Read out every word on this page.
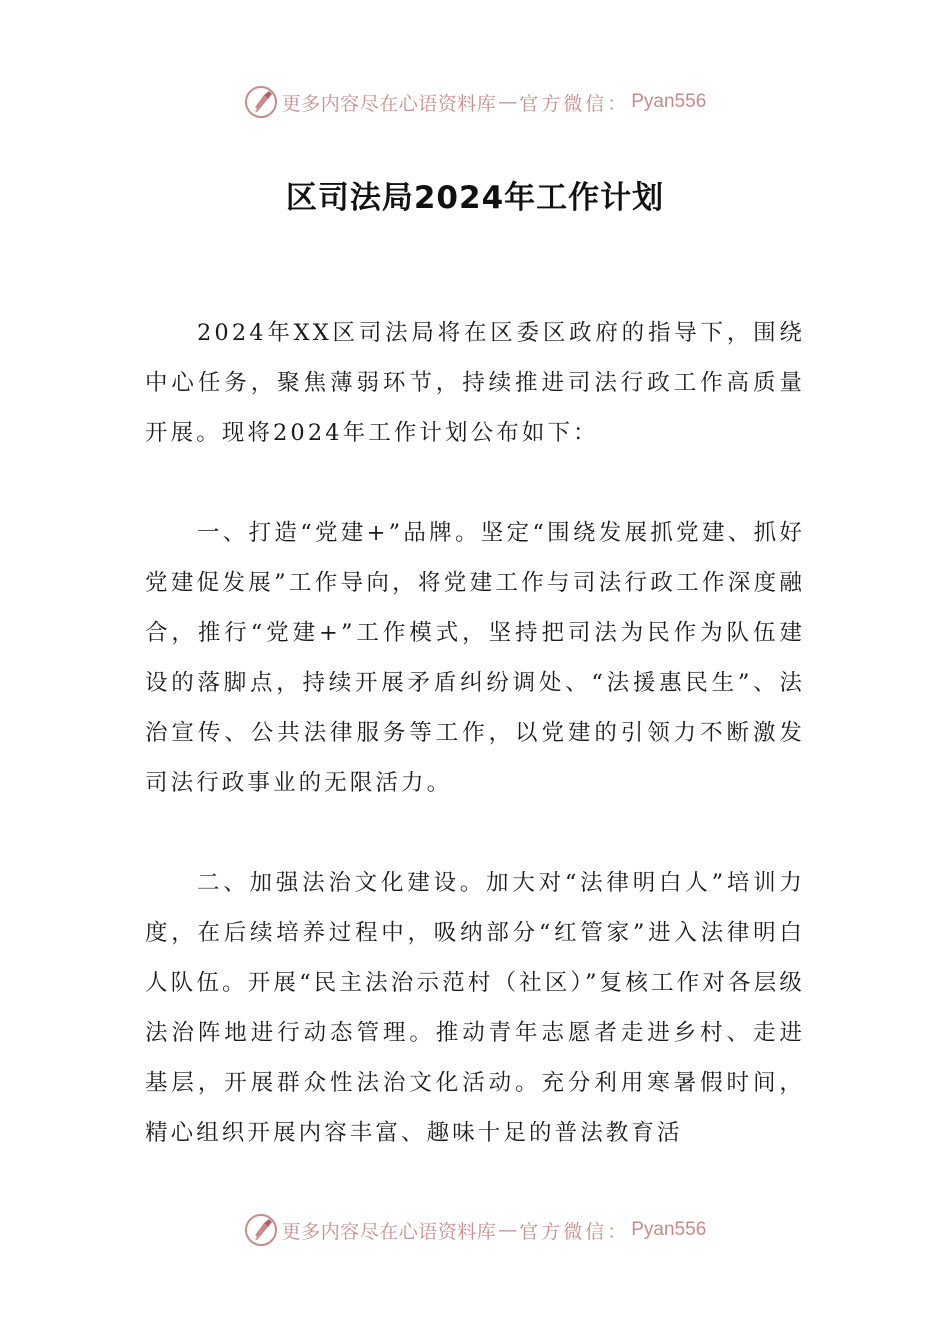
更多内容尽在心语资料库 — 官方微信： Pyan556
区司法局2024年工作计划

2024年XX区司法局将在区委区政府的指导下，围绕中心任务，聚焦薄弱环节，持续推进司法行政工作高质量开展。现将2024年工作计划公布如下：

一、打造“党建+”品牌。坚定“围绕发展抓党建、抓好党建促发展”工作导向，将党建工作与司法行政工作深度融合，推行“党建+”工作模式，坚持把司法为民作为队伍建设的落脚点，持续开展矛盾纠纷调处、“法援惠民生”、法治宣传、公共法律服务等工作，以党建的引领力不断激发司法行政事业的无限活力。

二、加强法治文化建设。加大对“法律明白人”培训力度，在后续培养过程中，吸纳部分“红管家”进入法律明白人队伍。开展“民主法治示范村（社区）”复核工作对各层级法治阵地进行动态管理。推动青年志愿者走进乡村、走进基层，开展群众性法治文化活动。充分利用寒暑假时间，精心组织开展内容丰富、趣味十足的普法教育活

更多内容尽在心语资料库 — 官方微信： Pyan556
